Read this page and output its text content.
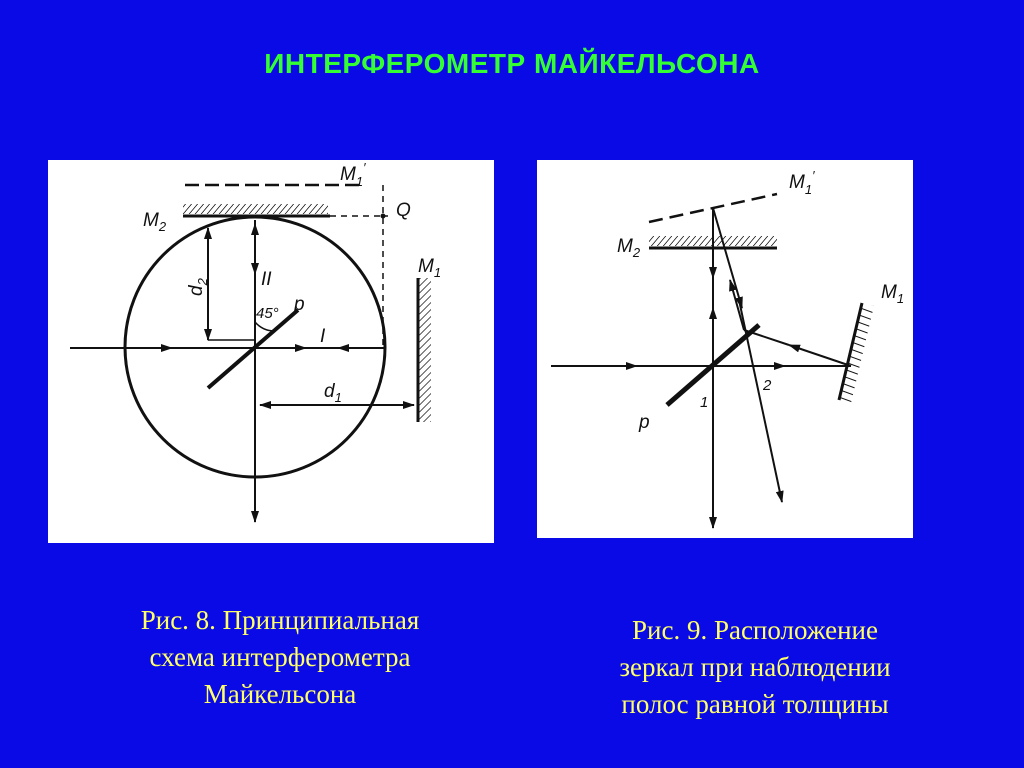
ИНТЕРФЕРОМЕТР МАЙКЕЛЬСОНА
$M_1'$
$M_2$
Q
$M_1$
$d_2$
$d_1$
II
I
45° p
$M_1'$
$M_2$
$M_1$
p
1
2
Рис. 8. Принципиальная
схема интерферометра
Майкельсона
Рис. 9. Расположение
зеркал при наблюдении
полос равной толщины
